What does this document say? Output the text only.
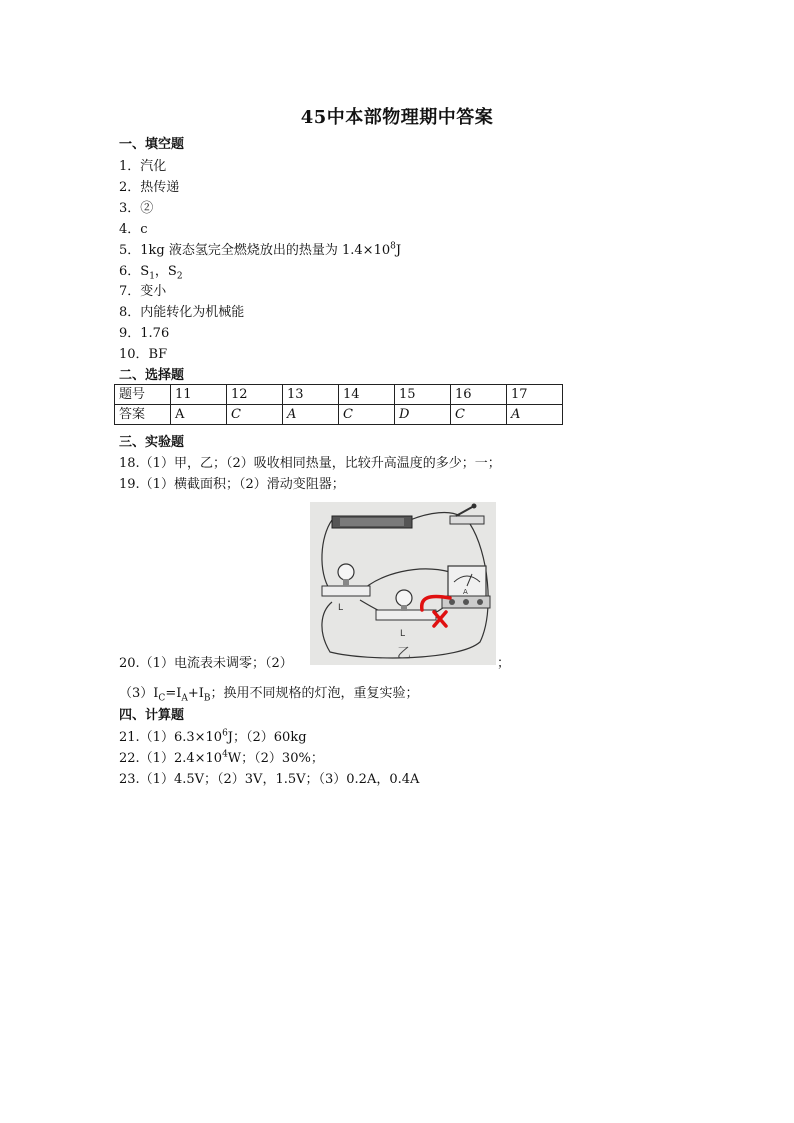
45中本部物理期中答案
一、填空题
1．汽化
2．热传递
3．②
4．c
5．1kg 液态氢完全燃烧放出的热量为 $1.4\times 10^8J$
6．$S_1$，$S_2$
7．变小
8．内能转化为机械能
9．1.76
10．BF
二、选择题
题号	11	12	13	14	15	16	17
答案	A	C	A	C	D	C	A
三、实验题
18.（1）甲，乙；（2）吸收相同热量，比较升高温度的多少；一；
19.（1）横截面积；（2）滑动变阻器；
L
L
A
乙
20.（1）电流表未调零；（2）	；
$(3)I_C=I_A+I_B$；换用不同规格的灯泡，重复实验；
四、计算题
$21.(1)6.3\times 10^6J$；（2）60kg
$22.(1)2.4\times 10^4W$；（2）30%；
23.（1）4.5V；（2）3V，1.5V；（3）0.2A，0.4A
